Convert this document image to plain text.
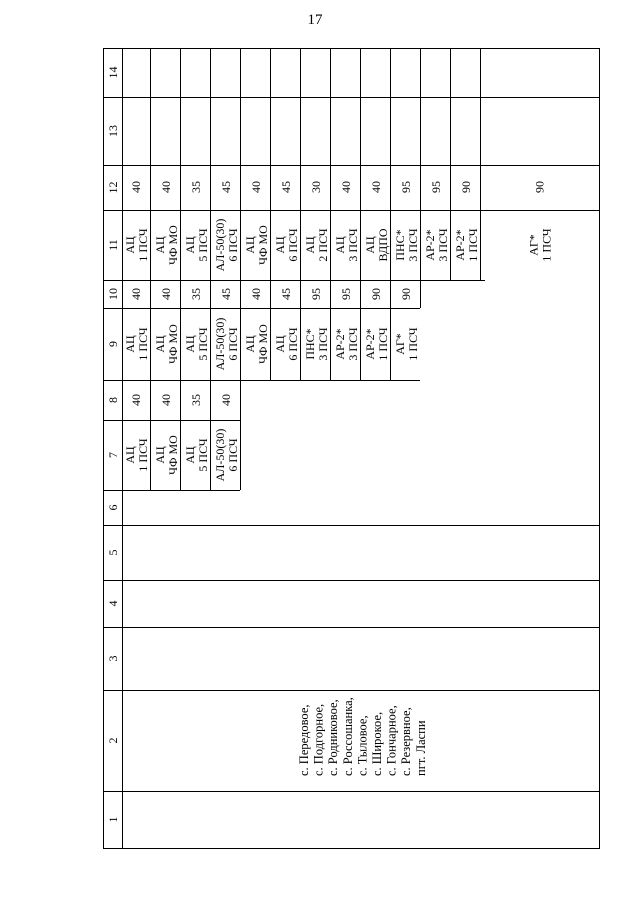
17
1
2
3
4
5
6
7
8
9
10
11
12
13
14
с. Передовое, с. Подгорное, с. Родниковое, с. Россошанка, с. Тыловое, с. Широкое, с. Гончарное, с. Резервное, пгт. Ласпи
АЦ 1 ПСЧ АЦ ЧФ МО АЦ 5 ПСЧ АЛ-50(30) 6 ПСЧ
40 40 35 40
АЦ 1 ПСЧ АЦ ЧФ МО АЦ 5 ПСЧ АЛ-50(30) 6 ПСЧ АЦ ЧФ МО АЦ 6 ПСЧ ПНС* 3 ПСЧ АР-2* 3 ПСЧ АР-2* 1 ПСЧ АГ* 1 ПСЧ
40 40 35 45 40 45 95 95 90 90
АЦ 1 ПСЧ АЦ ЧФ МО АЦ 5 ПСЧ АЛ-50(30) 6 ПСЧ АЦ ЧФ МО АЦ 6 ПСЧ АЦ 2 ПСЧ АЦ 3 ПСЧ АЦ ВДПО ПНС* 3 ПСЧ АР-2* 3 ПСЧ АР-2* 1 ПСЧ	АГ* 1 ПСЧ
40 40 35 45 40 45 30 40 40 95 95 90	90
